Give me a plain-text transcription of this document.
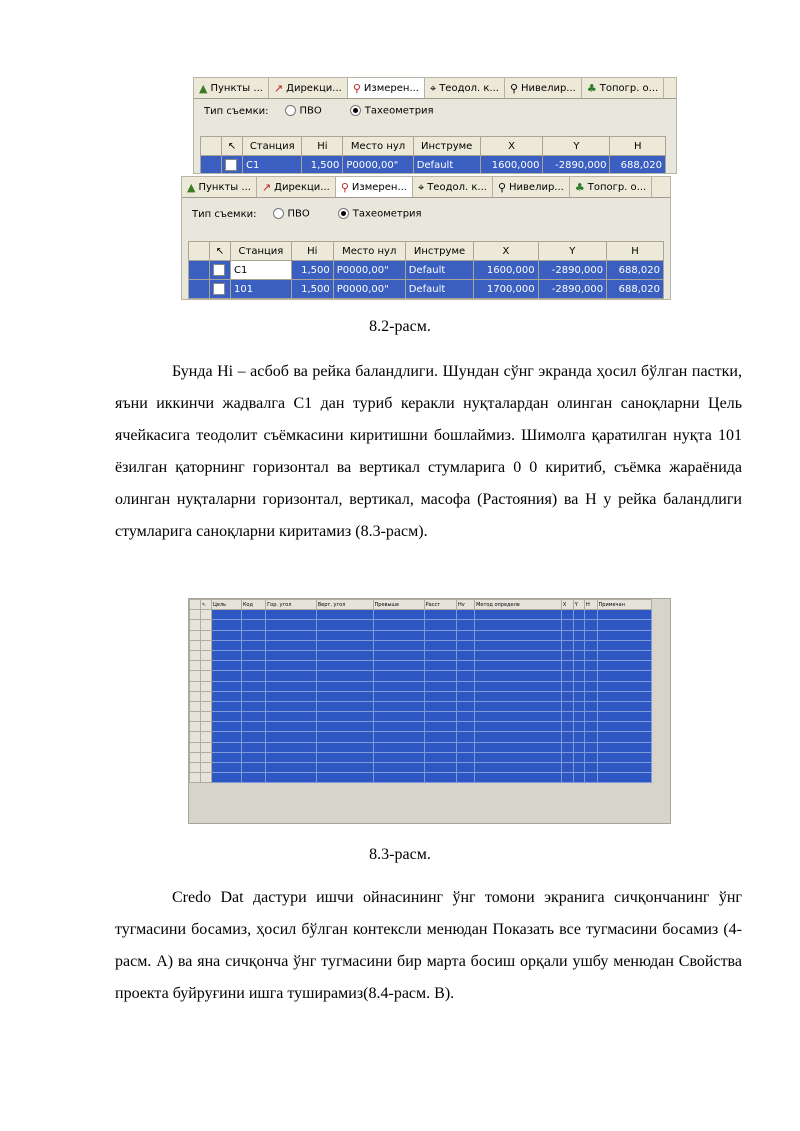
▲ Пункты ... ↗ Дирекци... ⚲ Измерен... ⌖ Теодол. к... ⚲ Нивелир... ♣ Топогр. о...
Тип съемки:	ПВО	Тахеометрия
	↖	Станция	Hi	Место нул	Инструме	X	Y	H
		C1	1,500	P0000,00"	Default	1600,000	-2890,000	688,020
▲ Пункты ... ↗ Дирекци... ⚲ Измерен... ⌖ Теодол. к... ⚲ Нивелир... ♣ Топогр. о...
Тип съемки:	ПВО	Тахеометрия
	↖	Станция	Hi	Место нул	Инструме	X	Y	H
		C1	1,500	P0000,00"	Default	1600,000	-2890,000	688,020
		101	1,500	P0000,00"	Default	1700,000	-2890,000	688,020
8.2-расм.

Бунда Hi – асбоб ва рейка баландлиги. Шундан сўнг экранда ҳосил бўлган пастки, яъни иккинчи жадвалга С1 дан туриб керакли нуқталардан олинган саноқларни Цель ячейкасига теодолит съёмкасини киритишни бошлаймиз. Шимолга қаратилган нуқта 101 ёзилган қаторнинг горизонтал ва вертикал стумларига 0 0 киритиб, съёмка жараёнида олинган нуқталарни горизонтал, вертикал, масофа (Растояния) ва Н у рейка баландлиги стумларига саноқларни киритамиз (8.3-расм).

	↖	Цель	Код	Гор. угол	Верт. угол	Превыше	Расст	Hv	Метод определе	X	Y	H	Примечан

8.3-расм.

Credo Dat дастури ишчи ойнасининг ўнг томони экранига сичқончанинг ўнг тугмасини босамиз, ҳосил бўлган контексли менюдан Показать все тугмасини босамиз (4-расм. А) ва яна сичқонча ўнг тугмасини бир марта босиш орқали ушбу менюдан Свойства проекта буйруғини ишга туширамиз(8.4-расм. B).
